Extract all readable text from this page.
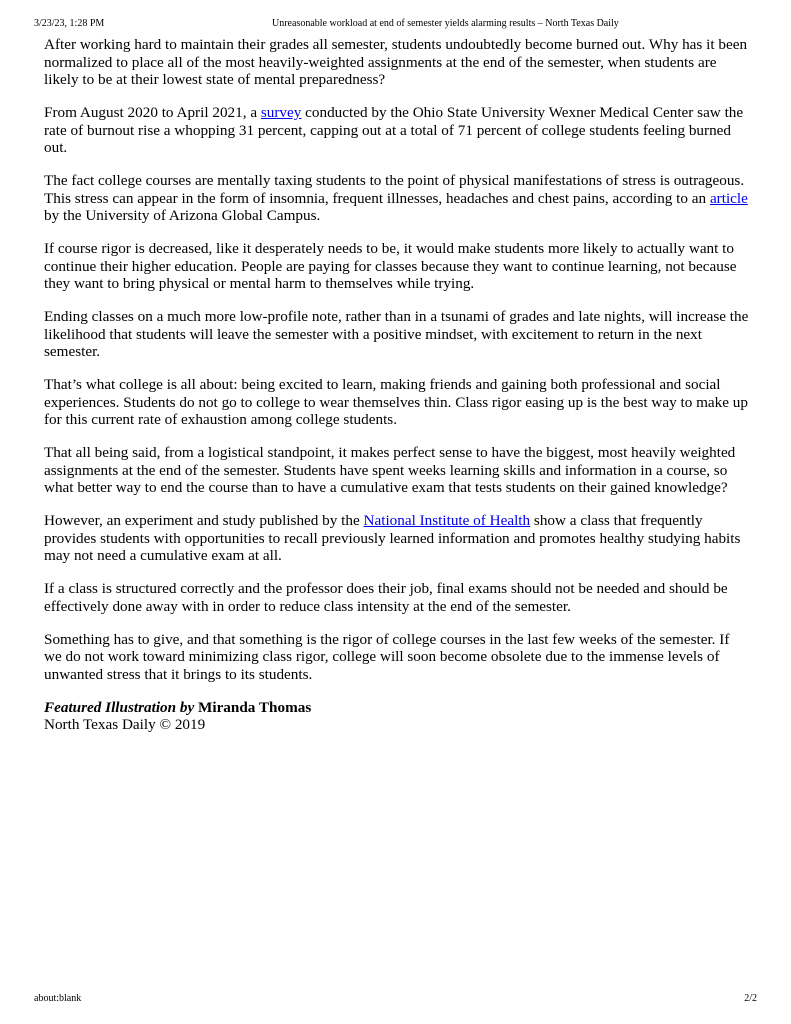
3/23/23, 1:28 PM	Unreasonable workload at end of semester yields alarming results – North Texas Daily

After working hard to maintain their grades all semester, students undoubtedly become burned out. Why has it been normalized to place all of the most heavily-weighted assignments at the end of the semester, when students are likely to be at their lowest state of mental preparedness?

From August 2020 to April 2021, a survey conducted by the Ohio State University Wexner Medical Center saw the rate of burnout rise a whopping 31 percent, capping out at a total of 71 percent of college students feeling burned out.

The fact college courses are mentally taxing students to the point of physical manifestations of stress is outrageous. This stress can appear in the form of insomnia, frequent illnesses, headaches and chest pains, according to an article by the University of Arizona Global Campus.

If course rigor is decreased, like it desperately needs to be, it would make students more likely to actually want to continue their higher education. People are paying for classes because they want to continue learning, not because they want to bring physical or mental harm to themselves while trying.

Ending classes on a much more low-profile note, rather than in a tsunami of grades and late nights, will increase the likelihood that students will leave the semester with a positive mindset, with excitement to return in the next semester.

That’s what college is all about: being excited to learn, making friends and gaining both professional and social experiences. Students do not go to college to wear themselves thin. Class rigor easing up is the best way to make up for this current rate of exhaustion among college students.

That all being said, from a logistical standpoint, it makes perfect sense to have the biggest, most heavily weighted assignments at the end of the semester. Students have spent weeks learning skills and information in a course, so what better way to end the course than to have a cumulative exam that tests students on their gained knowledge?

However, an experiment and study published by the National Institute of Health show a class that frequently provides students with opportunities to recall previously learned information and promotes healthy studying habits may not need a cumulative exam at all.

If a class is structured correctly and the professor does their job, final exams should not be needed and should be effectively done away with in order to reduce class intensity at the end of the semester.

Something has to give, and that something is the rigor of college courses in the last few weeks of the semester. If we do not work toward minimizing class rigor, college will soon become obsolete due to the immense levels of unwanted stress that it brings to its students.

Featured Illustration by Miranda Thomas
North Texas Daily © 2019
about:blank	2/2
